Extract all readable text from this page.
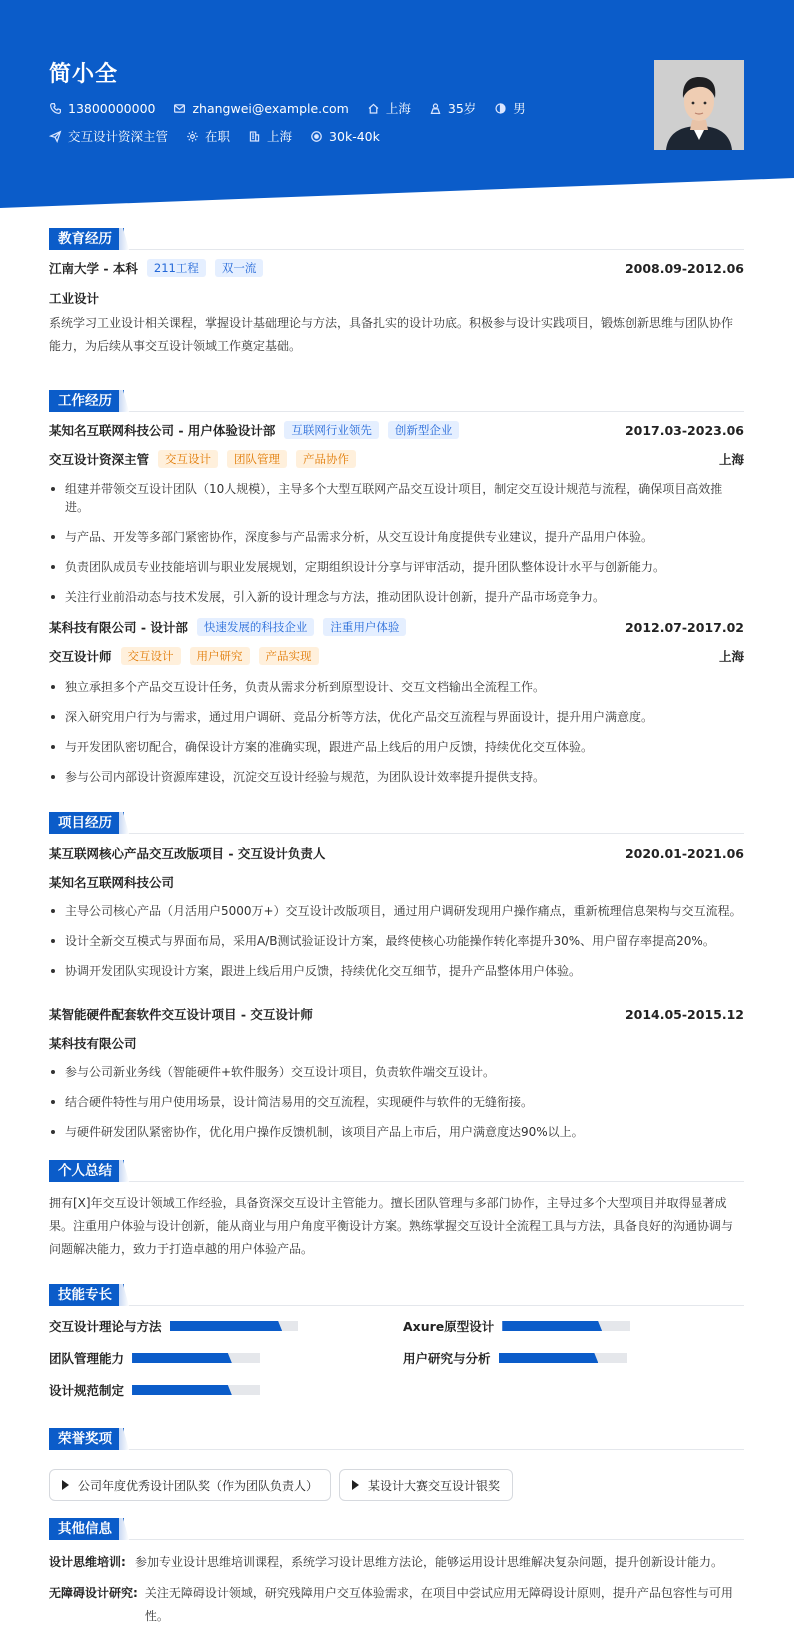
简小全
13800000000	zhangwei@example.com	上海	35岁	男
交互设计资深主管	在职	上海	30k-40k
教育经历
江南大学 - 本科	211工程	双一流	2008.09-2012.06
工业设计
系统学习工业设计相关课程，掌握设计基础理论与方法，具备扎实的设计功底。积极参与设计实践项目，锻炼创新思维与团队协作能力，为后续从事交互设计领域工作奠定基础。
工作经历
某知名互联网科技公司 - 用户体验设计部	互联网行业领先	创新型企业	2017.03-2023.06
交互设计资深主管	交互设计	团队管理	产品协作	上海
组建并带领交互设计团队（10人规模），主导多个大型互联网产品交互设计项目，制定交互设计规范与流程，确保项目高效推进。
与产品、开发等多部门紧密协作，深度参与产品需求分析，从交互设计角度提供专业建议，提升产品用户体验。
负责团队成员专业技能培训与职业发展规划，定期组织设计分享与评审活动，提升团队整体设计水平与创新能力。
关注行业前沿动态与技术发展，引入新的设计理念与方法，推动团队设计创新，提升产品市场竞争力。
某科技有限公司 - 设计部	快速发展的科技企业	注重用户体验	2012.07-2017.02
交互设计师	交互设计	用户研究	产品实现	上海
独立承担多个产品交互设计任务，负责从需求分析到原型设计、交互文档输出全流程工作。
深入研究用户行为与需求，通过用户调研、竞品分析等方法，优化产品交互流程与界面设计，提升用户满意度。
与开发团队密切配合，确保设计方案的准确实现，跟进产品上线后的用户反馈，持续优化交互体验。
参与公司内部设计资源库建设，沉淀交互设计经验与规范，为团队设计效率提升提供支持。
项目经历
某互联网核心产品交互改版项目 - 交互设计负责人	2020.01-2021.06
某知名互联网科技公司
主导公司核心产品（月活用户5000万+）交互设计改版项目，通过用户调研发现用户操作痛点，重新梳理信息架构与交互流程。
设计全新交互模式与界面布局，采用A/B测试验证设计方案，最终使核心功能操作转化率提升30%、用户留存率提高20%。
协调开发团队实现设计方案，跟进上线后用户反馈，持续优化交互细节，提升产品整体用户体验。
某智能硬件配套软件交互设计项目 - 交互设计师	2014.05-2015.12
某科技有限公司
参与公司新业务线（智能硬件+软件服务）交互设计项目，负责软件端交互设计。
结合硬件特性与用户使用场景，设计简洁易用的交互流程，实现硬件与软件的无缝衔接。
与硬件研发团队紧密协作，优化用户操作反馈机制，该项目产品上市后，用户满意度达90%以上。
个人总结
拥有[X]年交互设计领域工作经验，具备资深交互设计主管能力。擅长团队管理与多部门协作，主导过多个大型项目并取得显著成果。注重用户体验与设计创新，能从商业与用户角度平衡设计方案。熟练掌握交互设计全流程工具与方法，具备良好的沟通协调与问题解决能力，致力于打造卓越的用户体验产品。
技能专长
交互设计理论与方法	Axure原型设计
团队管理能力	用户研究与分析
设计规范制定
荣誉奖项
公司年度优秀设计团队奖（作为团队负责人）	某设计大赛交互设计银奖
其他信息
设计思维培训: 参加专业设计思维培训课程，系统学习设计思维方法论，能够运用设计思维解决复杂问题，提升创新设计能力。
无障碍设计研究: 关注无障碍设计领域，研究残障用户交互体验需求，在项目中尝试应用无障碍设计原则，提升产品包容性与可用性。
